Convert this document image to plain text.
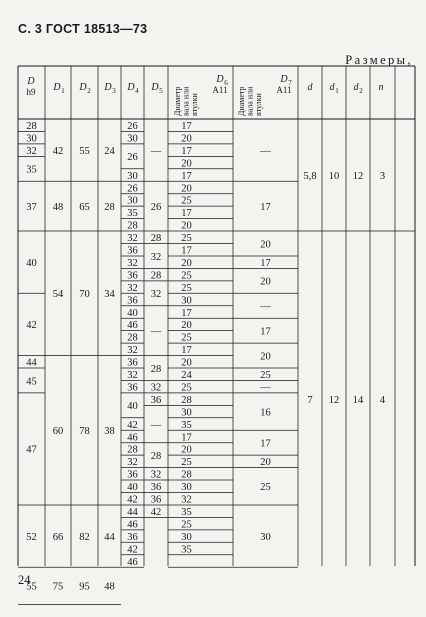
С. 3 ГОСТ 18513—73
Размеры,
24
D
h9 D 1 D 2 D 3 D 4 D 5 Диаметр вала или втулки
D 6
A11 Диаметр вала или втулки
D 7
A11 d d 1 d 2 n
28
30
32
35
37
40
42
44
45
47
52
55
42 55 24
48 65 28
54 70 34
60 78 38
66 82 44
75 95 48
26
30
26
30
26
30
35
28
32
36
32
36
32
36
40
46
28
32
36
32
36
40
42
46
28
32
36
40
42
44
46
36
42
46
—
26
28
32
28
32
—
28
32
36
—
28
32
36
36
42
17
20
17
20
17
20
25
17
20
25
17
20
25
25
30
17
20
25
17
20
24
25
28
30
35
17
20
25
28
30
32
35
25
30
35
—
17
20
17
20
—
17
20
25
—
16
17
20
25
30
5,8 10 12 3
7 12 14 4
